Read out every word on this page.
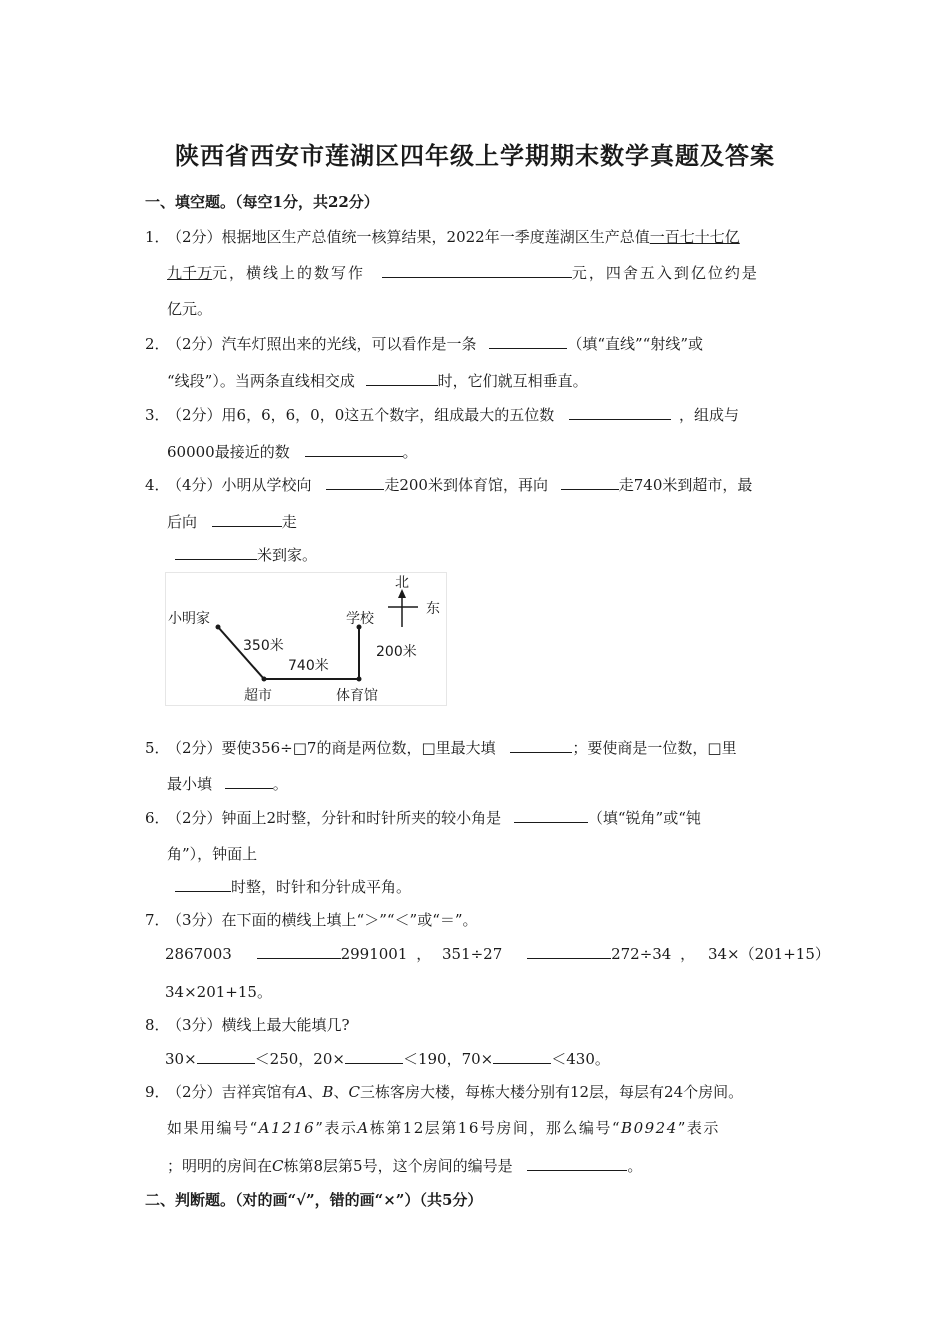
陕西省西安市莲湖区四年级上学期期末数学真题及答案
一、填空题。（每空1分，共22分）
1．（2分）根据地区生产总值统一核算结果，2022年一季度莲湖区生产总值一百七十七亿
九千万元，横线上的数写作	元，四舍五入到亿位约是
亿元。
2．（2分）汽车灯照出来的光线，可以看作是一条	（填“直线”“射线”或
“线段”）。当两条直线相交成	时，它们就互相垂直。
3．（2分）用6，6，6，0，0这五个数字，组成最大的五位数	，组成与
60000最接近的数	。
4．（4分）小明从学校向	走200米到体育馆，再向	走740米到超市，最
后向	走
米到家。
北
东
小明家	学校
超市	体育馆
350米
740米
200米
5．（2分）要使356÷□7的商是两位数，□里最大填	；要使商是一位数，□里
最小填	。
6．（2分）钟面上2时整，分针和时针所夹的较小角是	（填“锐角”或“钝
角”），钟面上
时整，时针和分针成平角。
7．（3分）在下面的横线上填上“＞”“＜”或“＝”。
2867003	2991001 ， 351÷27	272÷34 ， 34×（201+15）
34×201+15。
8．（3分）横线上最大能填几?
30×	＜250，20×	＜190，70×	＜430。
9．（2分）吉祥宾馆有A、B、C三栋客房大楼，每栋大楼分别有12层，每层有24个房间。
如果用编号“A1216”表示A栋第12层第16号房间，那么编号“B0924”表示
；明明的房间在C栋第8层第5号，这个房间的编号是	。
二、判断题。（对的画“√”，错的画“×”）（共5分）
